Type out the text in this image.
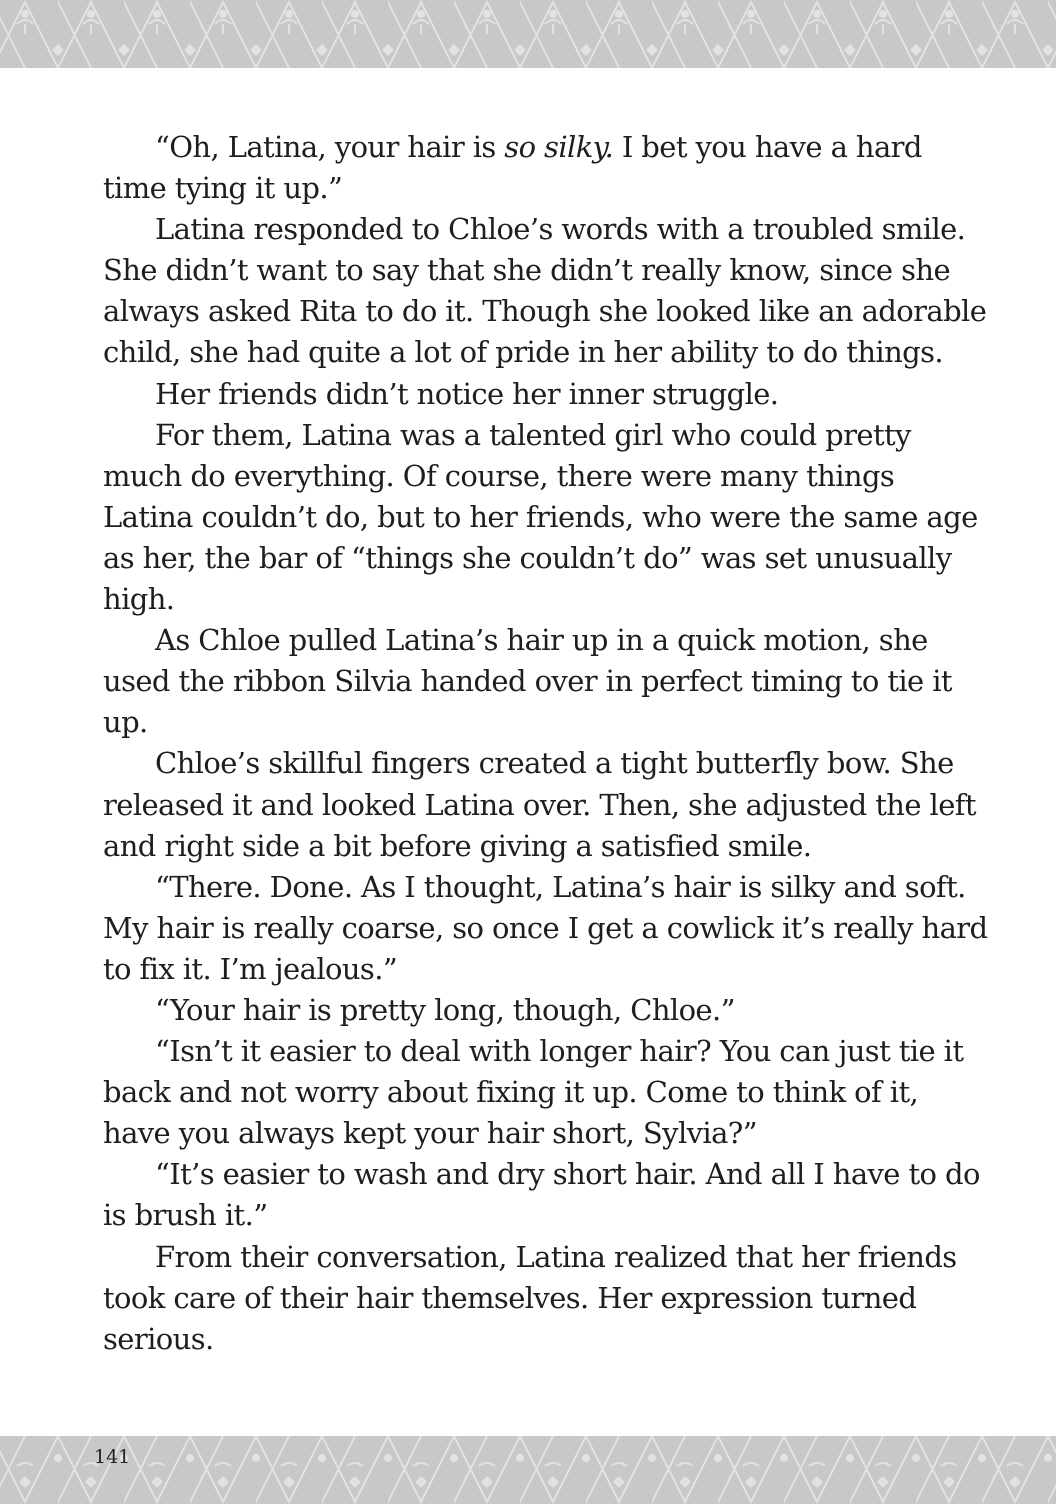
“Oh, Latina, your hair is so silky. I bet you have a hard
time tying it up.”
Latina responded to Chloe’s words with a troubled smile.
She didn’t want to say that she didn’t really know, since she
always asked Rita to do it. Though she looked like an adorable
child, she had quite a lot of pride in her ability to do things.
Her friends didn’t notice her inner struggle.
For them, Latina was a talented girl who could pretty
much do everything. Of course, there were many things
Latina couldn’t do, but to her friends, who were the same age
as her, the bar of “things she couldn’t do” was set unusually
high.
As Chloe pulled Latina’s hair up in a quick motion, she
used the ribbon Silvia handed over in perfect timing to tie it
up.
Chloe’s skillful fingers created a tight butterfly bow. She
released it and looked Latina over. Then, she adjusted the left
and right side a bit before giving a satisfied smile.
“There. Done. As I thought, Latina’s hair is silky and soft.
My hair is really coarse, so once I get a cowlick it’s really hard
to fix it. I’m jealous.”
“Your hair is pretty long, though, Chloe.”
“Isn’t it easier to deal with longer hair? You can just tie it
back and not worry about fixing it up. Come to think of it,
have you always kept your hair short, Sylvia?”
“It’s easier to wash and dry short hair. And all I have to do
is brush it.”
From their conversation, Latina realized that her friends
took care of their hair themselves. Her expression turned
serious.
141
